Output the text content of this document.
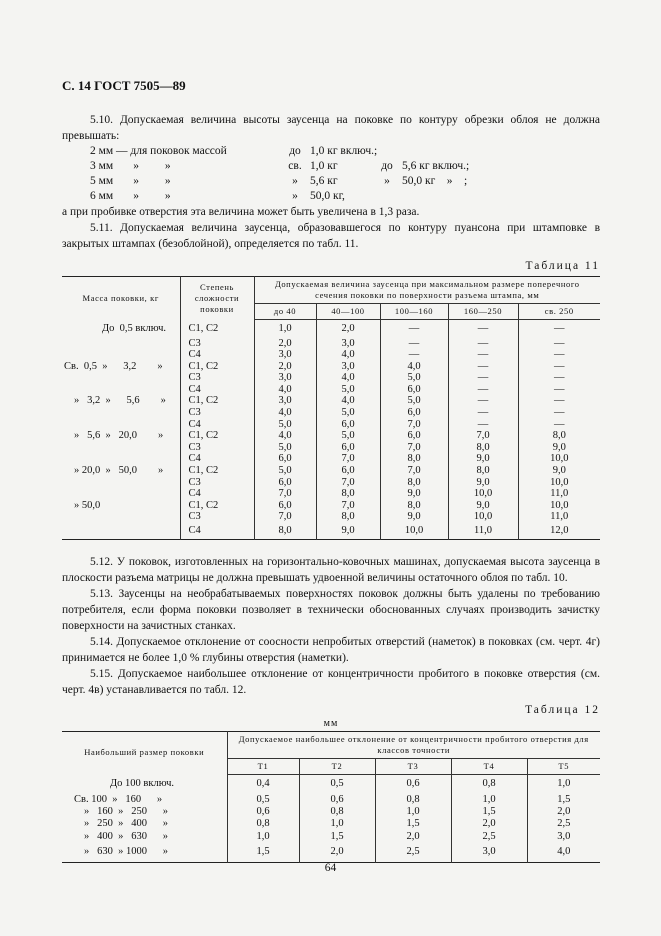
С. 14 ГОСТ 7505—89

5.10. Допускаемая величина высоты заусенца на поковке по контуру обрезки облоя не должна превышать:

2 мм — для поковок массой	до 1,0 кг включ.;
3 мм       »         »	св. 1,0 кг	до 5,6 кг включ.;
5 мм       »         »	»	5,6 кг	»	50,0 кг    »    ;
6 мм       »         »	»	50,0 кг,

а при пробивке отверстия эта величина может быть увеличена в 1,3 раза.

5.11. Допускаемая величина заусенца, образовавшегося по контуру пуансона при штамповке в закрытых штампах (безоблойной), определяется по табл. 11.

Таблица 11
Масса поковки, кг	Степень сложности поковки	Допускаемая величина заусенца при максимальном размере поперечного сечения поковки по поверхности разъема штампа, мм				
		до 40	40—100	100—160	160—250	св. 250
До  0,5 включ.	С1, С2	1,0	2,0	—	—	—
	С3	2,0	3,0	—	—	—
	С4	3,0	4,0	—	—	—
Св.  0,5  »      3,2        »	С1, С2	2,0	3,0	4,0	—	—
	С3	3,0	4,0	5,0	—	—
	С4	4,0	5,0	6,0	—	—
»   3,2  »      5,6        »	С1, С2	3,0	4,0	5,0	—	—
	С3	4,0	5,0	6,0	—	—
	С4	5,0	6,0	7,0	—	—
»   5,6  »   20,0        »	С1, С2	4,0	5,0	6,0	7,0	8,0
	С3	5,0	6,0	7,0	8,0	9,0
	С4	6,0	7,0	8,0	9,0	10,0
» 20,0  »   50,0        »	С1, С2	5,0	6,0	7,0	8,0	9,0
	С3	6,0	7,0	8,0	9,0	10,0
	С4	7,0	8,0	9,0	10,0	11,0
» 50,0	С1, С2	6,0	7,0	8,0	9,0	10,0
	С3	7,0	8,0	9,0	10,0	11,0
	С4	8,0	9,0	10,0	11,0	12,0

5.12. У поковок, изготовленных на горизонтально-ковочных машинах, допускаемая высота заусенца в плоскости разъема матрицы не должна превышать удвоенной величины остаточного облоя по табл. 10.

5.13. Заусенцы на необрабатываемых поверхностях поковок должны быть удалены по требованию потребителя, если форма поковки позволяет в технически обоснованных случаях производить зачистку поверхности на зачистных станках.

5.14. Допускаемое отклонение от соосности непробитых отверстий (наметок) в поковках (см. черт. 4г) принимается не более 1,0 % глубины отверстия (наметки).

5.15. Допускаемое наибольшее отклонение от концентричности пробитого в поковке отверстия (см. черт. 4в) устанавливается по табл. 12.

Таблица 12
мм
Наибольший размер поковки	Допускаемое наибольшее отклонение от концентричности пробитого отверстия для классов точности				
	Т1	Т2	Т3	Т4	Т5
До 100 включ.	0,4	0,5	0,6	0,8	1,0
Св. 100  »   160      »	0,5	0,6	0,8	1,0	1,5
»   160  »   250      »	0,6	0,8	1,0	1,5	2,0
»   250  »   400      »	0,8	1,0	1,5	2,0	2,5
»   400  »   630      »	1,0	1,5	2,0	2,5	3,0
»   630  » 1000      »	1,5	2,0	2,5	3,0	4,0
64
